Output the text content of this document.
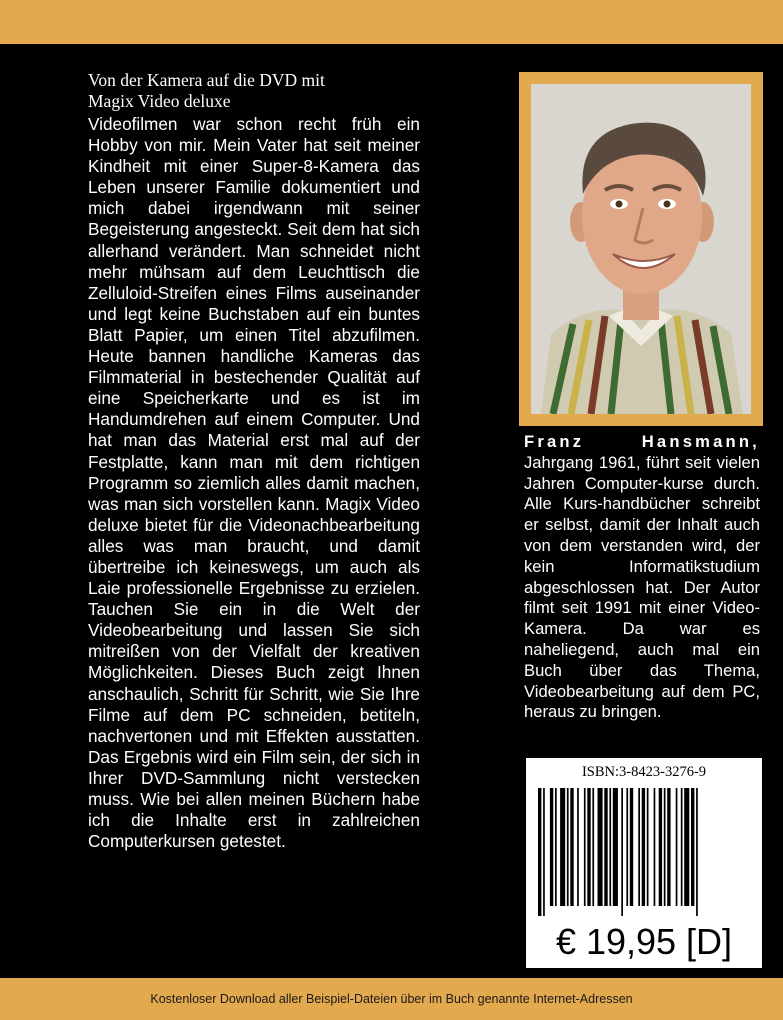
Von der Kamera auf die DVD mit
Magix Video deluxe

Videofilmen war schon recht früh ein Hobby von mir. Mein Vater hat seit meiner Kindheit mit einer Super-8-Kamera das Leben unserer Familie dokumentiert und mich dabei irgendwann mit seiner Begeisterung angesteckt. Seit dem hat sich allerhand verändert. Man schneidet nicht mehr mühsam auf dem Leuchttisch die Zelluloid-Streifen eines Films auseinander und legt keine Buchstaben auf ein buntes Blatt Papier, um einen Titel abzufilmen. Heute bannen handliche Kameras das Filmmaterial in bestechender Qualität auf eine Speicherkarte und es ist im Handumdrehen auf einem Computer. Und hat man das Material erst mal auf der Festplatte, kann man mit dem richtigen Programm so ziemlich alles damit machen, was man sich vorstellen kann. Magix Video deluxe bietet für die Videonachbearbeitung alles was man braucht, und damit übertreibe ich keineswegs, um auch als Laie professionelle Ergebnisse zu erzielen. Tauchen Sie ein in die Welt der Videobearbeitung und lassen Sie sich mitreißen von der Vielfalt der kreativen Möglichkeiten. Dieses Buch zeigt Ihnen anschaulich, Schritt für Schritt, wie Sie Ihre Filme auf dem PC schneiden, betiteln, nachvertonen und mit Effekten ausstatten. Das Ergebnis wird ein Film sein, der sich in Ihrer DVD-Sammlung nicht verstecken muss. Wie bei allen meinen Büchern habe ich die Inhalte erst in zahlreichen Computerkursen getestet.

Franz Hansmann, Jahrgang 1961, führt seit vielen Jahren Computer-kurse durch. Alle Kurs-handbücher schreibt er selbst, damit der Inhalt auch von dem verstanden wird, der kein Informatikstudium abgeschlossen hat. Der Autor filmt seit 1991 mit einer Video-Kamera. Da war es naheliegend, auch mal ein Buch über das Thema, Videobearbeitung auf dem PC, heraus zu bringen.

ISBN:3-8423-3276-9
€ 19,95 [D]
9 783842 332768
Kostenloser Download aller Beispiel-Dateien über im Buch genannte Internet-Adressen
